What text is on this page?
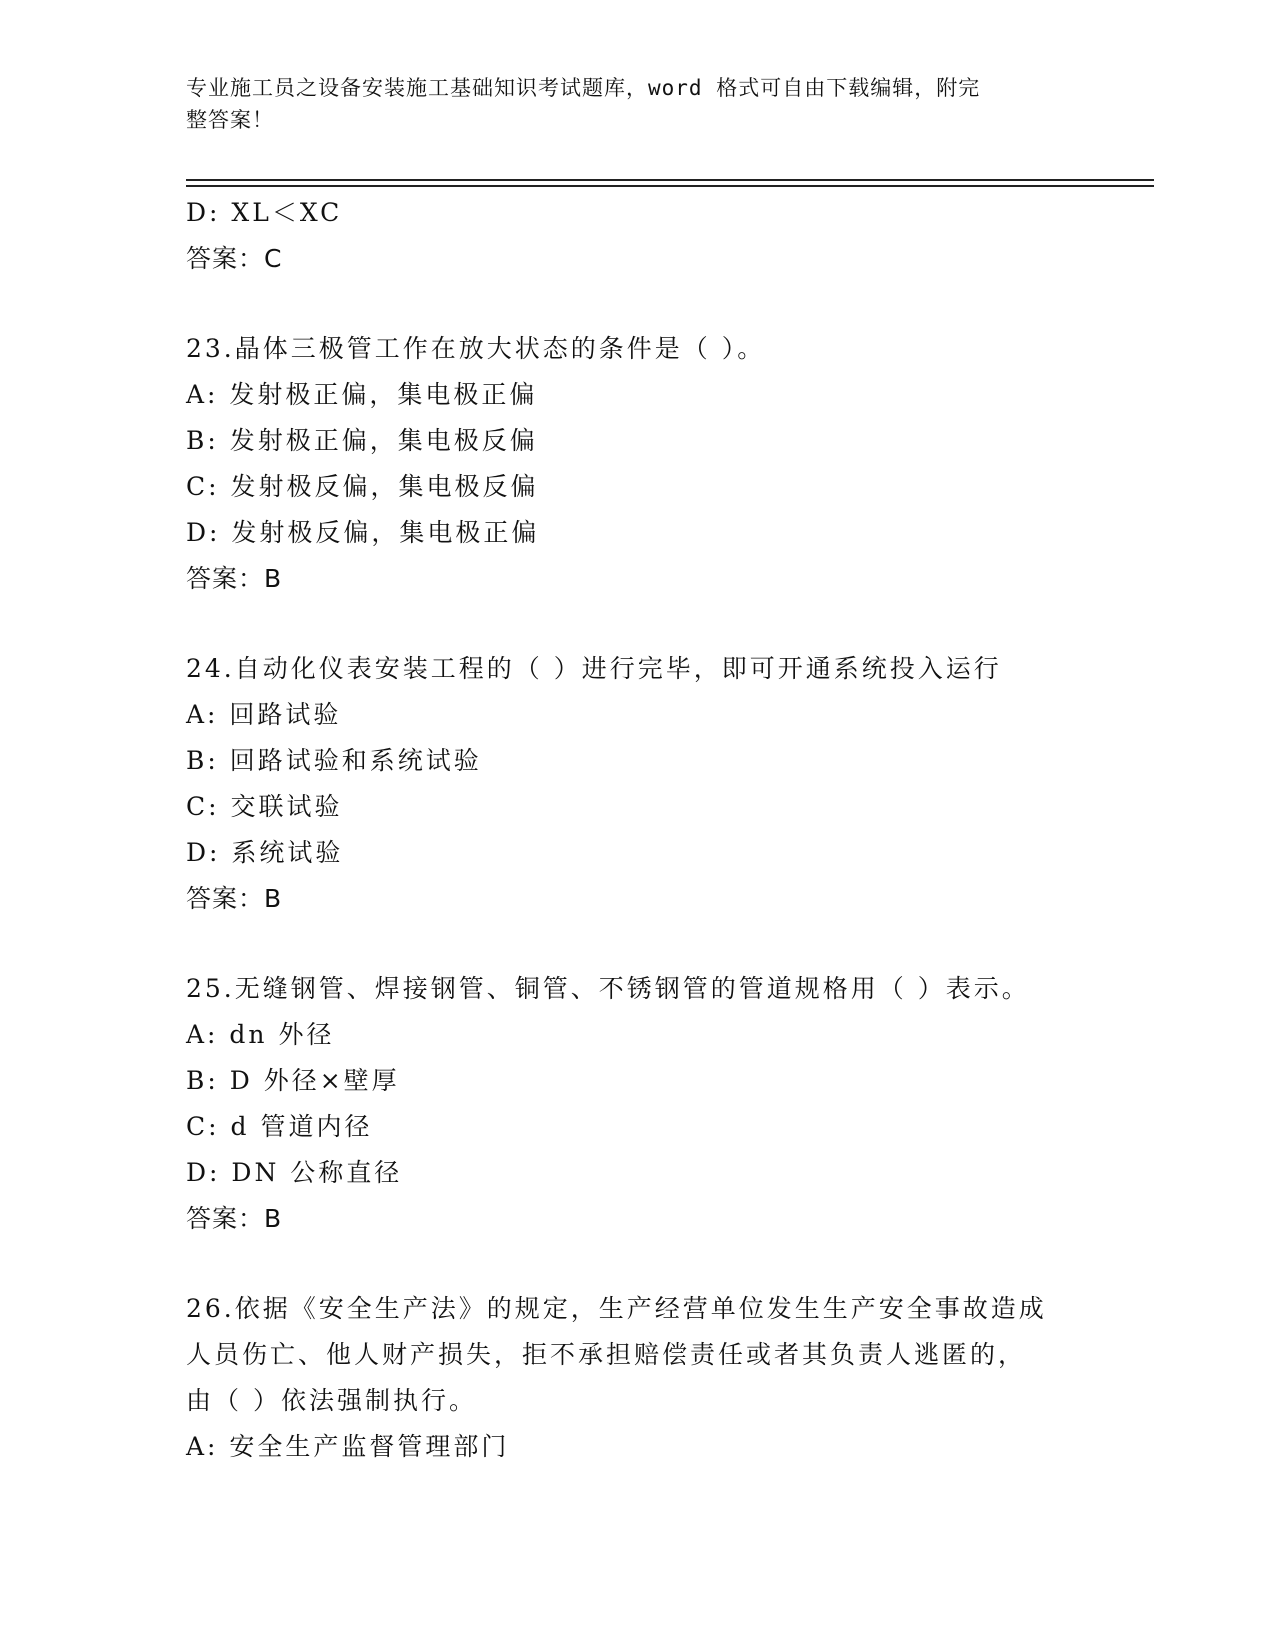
专业施工员之设备安装施工基础知识考试题库，word 格式可自由下载编辑，附完
整答案！
D: XL＜XC
答案：C
23.晶体三极管工作在放大状态的条件是（ ）。
A: 发射极正偏，集电极正偏
B: 发射极正偏，集电极反偏
C: 发射极反偏，集电极反偏
D: 发射极反偏，集电极正偏
答案：B
24.自动化仪表安装工程的（ ）进行完毕，即可开通系统投入运行
A: 回路试验
B: 回路试验和系统试验
C: 交联试验
D: 系统试验
答案：B
25.无缝钢管、焊接钢管、铜管、不锈钢管的管道规格用（ ）表示。
A: dn 外径
B: D 外径×壁厚
C: d 管道内径
D: DN 公称直径
答案：B
26.依据《安全生产法》的规定，生产经营单位发生生产安全事故造成
人员伤亡、他人财产损失，拒不承担赔偿责任或者其负责人逃匿的，
由（ ）依法强制执行。
A: 安全生产监督管理部门
